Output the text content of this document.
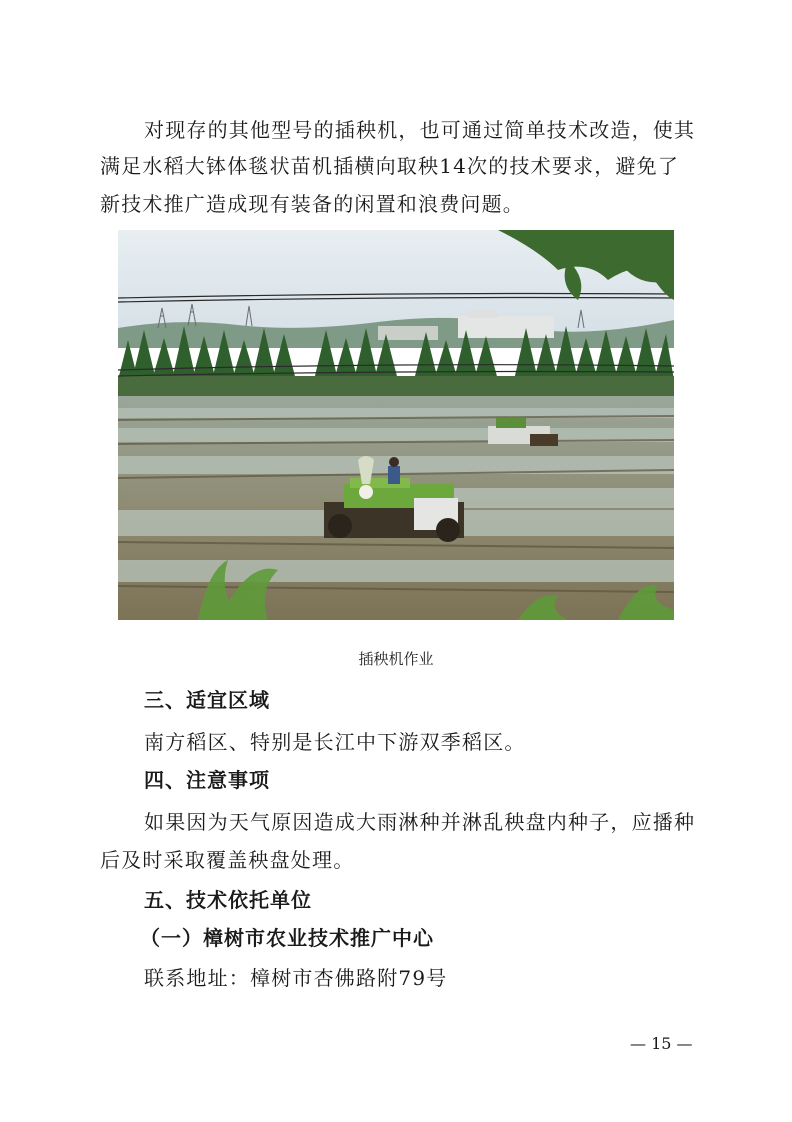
对现存的其他型号的插秧机，也可通过简单技术改造，使其

满足水稻大钵体毯状苗机插横向取秧14次的技术要求，避免了

新技术推广造成现有装备的闲置和浪费问题。

插秧机作业
三、适宜区域

南方稻区、特别是长江中下游双季稻区。

四、注意事项

如果因为天气原因造成大雨淋种并淋乱秧盘内种子，应播种

后及时采取覆盖秧盘处理。

五、技术依托单位
（一）樟树市农业技术推广中心

联系地址：樟树市杏佛路附79号

— 15 —
